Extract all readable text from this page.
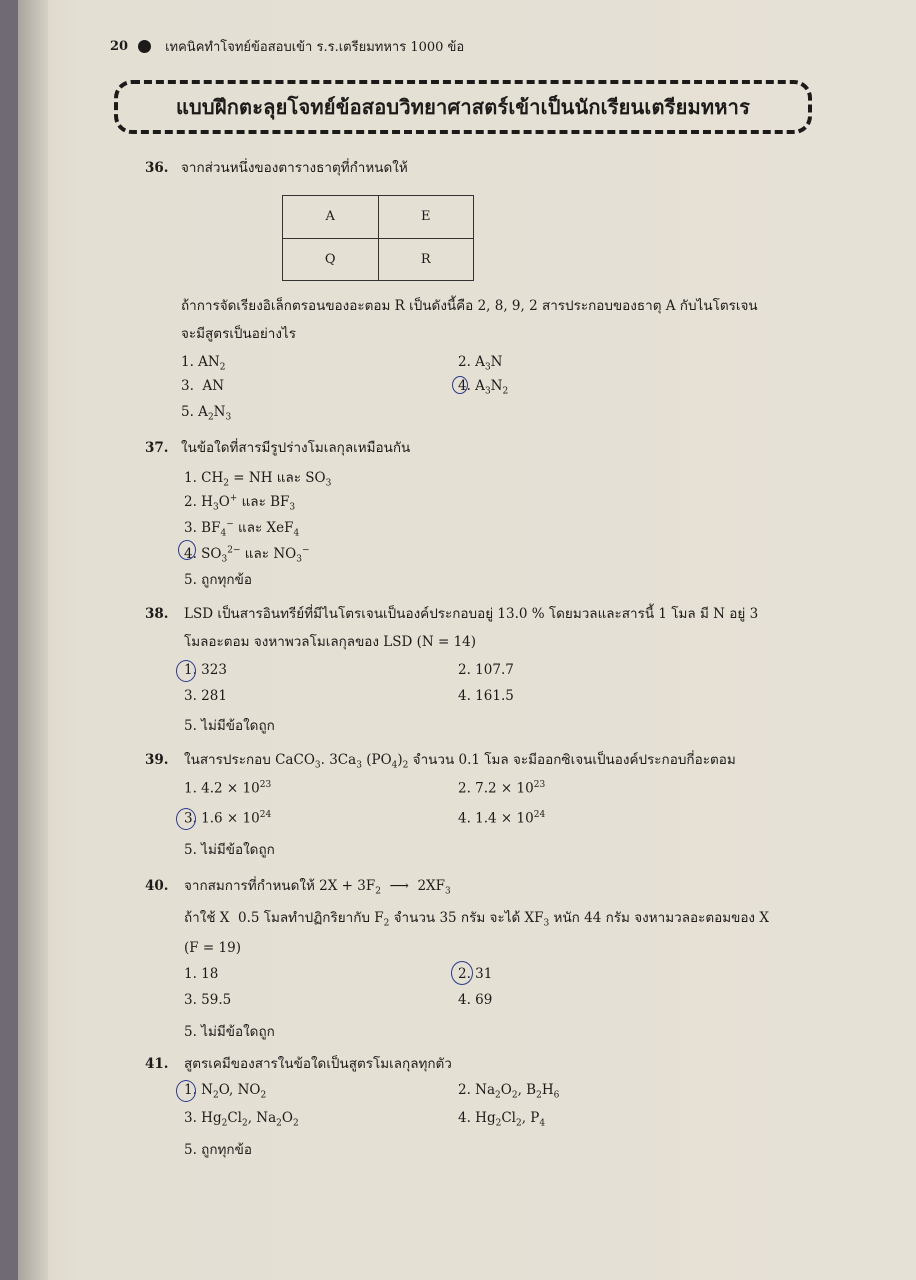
20	เทคนิคทำโจทย์ข้อสอบเข้า ร.ร.เตรียมทหาร 1000 ข้อ
แบบฝึกตะลุยโจทย์ข้อสอบวิทยาศาสตร์เข้าเป็นนักเรียนเตรียมทหาร
36. จากส่วนหนึ่งของตารางธาตุที่กำหนดให้
A	E
Q	R
ถ้าการจัดเรียงอิเล็กตรอนของอะตอม R เป็นดังนี้คือ 2, 8, 9, 2 สารประกอบของธาตุ A กับไนโตรเจน
จะมีสูตรเป็นอย่างไร
1. $AN_2$	2. $A_3N$
3.  AN	4. $A_3N_2$
5. $A_2N_3$
37. ในข้อใดที่สารมีรูปร่างโมเลกุลเหมือนกัน
1. $CH_2$ = NH และ $SO_3$
2. $H_3O^+$ และ $BF_3$
3. $BF_4^-$ และ XeF$_4$
4. $SO_3^{2-}$ และ $NO_3^-$
5. ถูกทุกข้อ
38. LSD เป็นสารอินทรีย์ที่มีไนโตรเจนเป็นองค์ประกอบอยู่ 13.0 % โดยมวลและสารนี้ 1 โมล มี N อยู่ 3
โมลอะตอม จงหาพวลโมเลกุลของ LSD (N = 14)
1. 323	2. 107.7
3. 281	4. 161.5
5. ไม่มีข้อใดถูก
39. ในสารประกอบ CaCO$_3$. $3Ca_3$ $(PO_4)_2$ จำนวน 0.1 โมล จะมีออกซิเจนเป็นองค์ประกอบกี่อะตอม
1. $4.2 \times 10^{23}$	2. $7.2 \times 10^{23}$
3. $1.6 \times 10^{24}$	4. $1.4 \times 10^{24}$
5. ไม่มีข้อใดถูก
40. จากสมการที่กำหนดให้ $2X + 3F_2$  ⟶  $2XF_3$
ถ้าใช้ X  0.5 โมลทำปฏิกริยากับ $F_2$ จำนวน 35 กรัม จะได้ $XF_3$ หนัก 44 กรัม จงหามวลอะตอมของ X
(F = 19)
1. 18	2. 31
3. 59.5	4. 69
5. ไม่มีข้อใดถูก
41. สูตรเคมีของสารในข้อใดเป็นสูตรโมเลกุลทุกตัว
1. $N_2O$, $NO_2$	2. $Na_2O_2$, $B_2H_6$
3. $Hg_2Cl_2$, $Na_2O_2$	4. $Hg_2Cl_2$, $P_4$
5. ถูกทุกข้อ
